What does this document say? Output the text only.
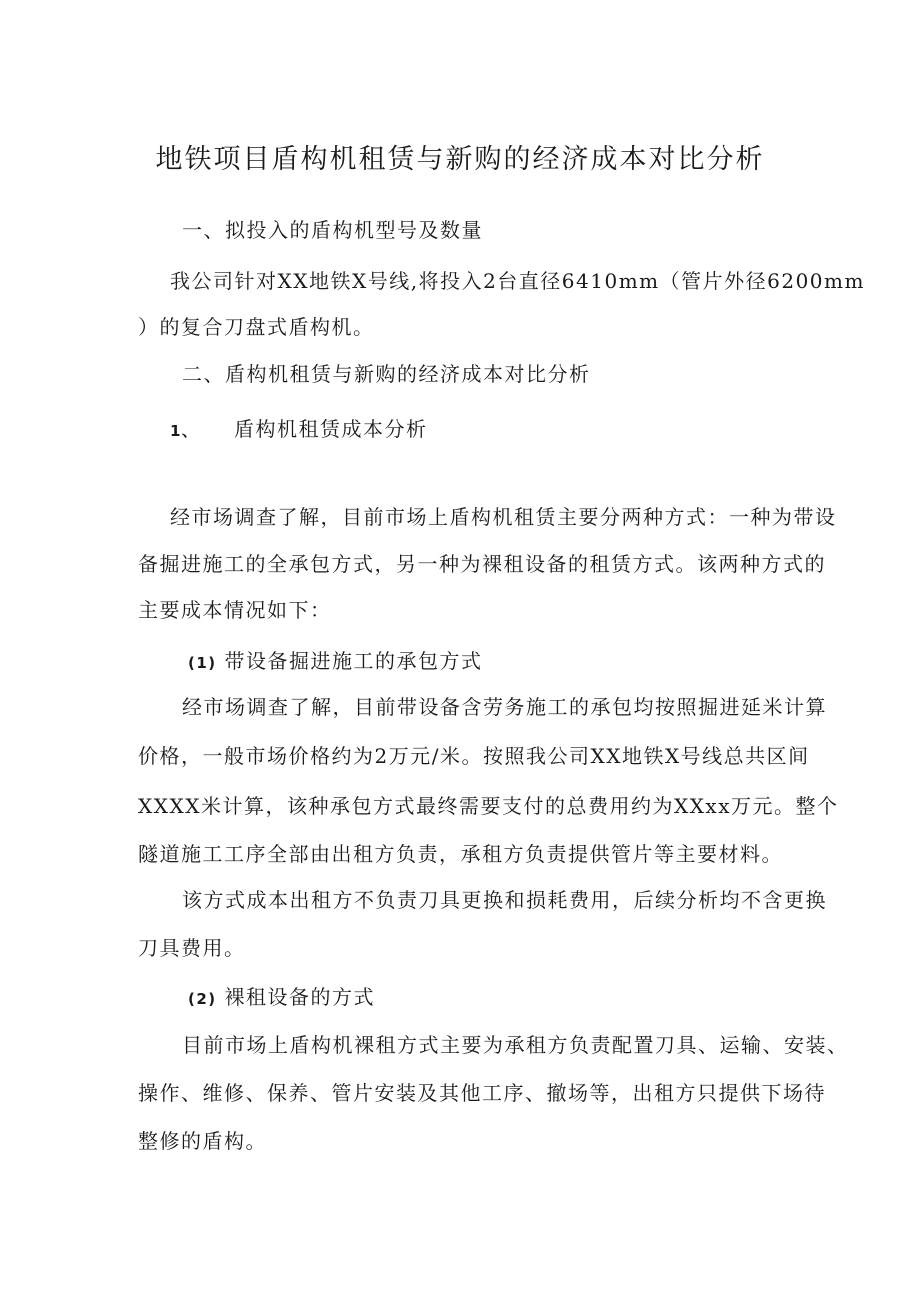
地铁项目盾构机租赁与新购的经济成本对比分析
一、拟投入的盾构机型号及数量
我公司针对XX地铁X号线,将投入2台直径6410mm（管片外径6200mm
）的复合刀盘式盾构机。
二、盾构机租赁与新购的经济成本对比分析
1、 盾构机租赁成本分析
经市场调查了解，目前市场上盾构机租赁主要分两种方式：一种为带设
备掘进施工的全承包方式，另一种为裸租设备的租赁方式。该两种方式的
主要成本情况如下：
(1) 带设备掘进施工的承包方式
经市场调查了解，目前带设备含劳务施工的承包均按照掘进延米计算
价格，一般市场价格约为2万元/米。按照我公司XX地铁X号线总共区间
XXXX米计算，该种承包方式最终需要支付的总费用约为XXxx万元。整个
隧道施工工序全部由出租方负责，承租方负责提供管片等主要材料。
该方式成本出租方不负责刀具更换和损耗费用，后续分析均不含更换
刀具费用。
(2) 裸租设备的方式
目前市场上盾构机裸租方式主要为承租方负责配置刀具、运输、安装、
操作、维修、保养、管片安装及其他工序、撤场等，出租方只提供下场待
整修的盾构。
